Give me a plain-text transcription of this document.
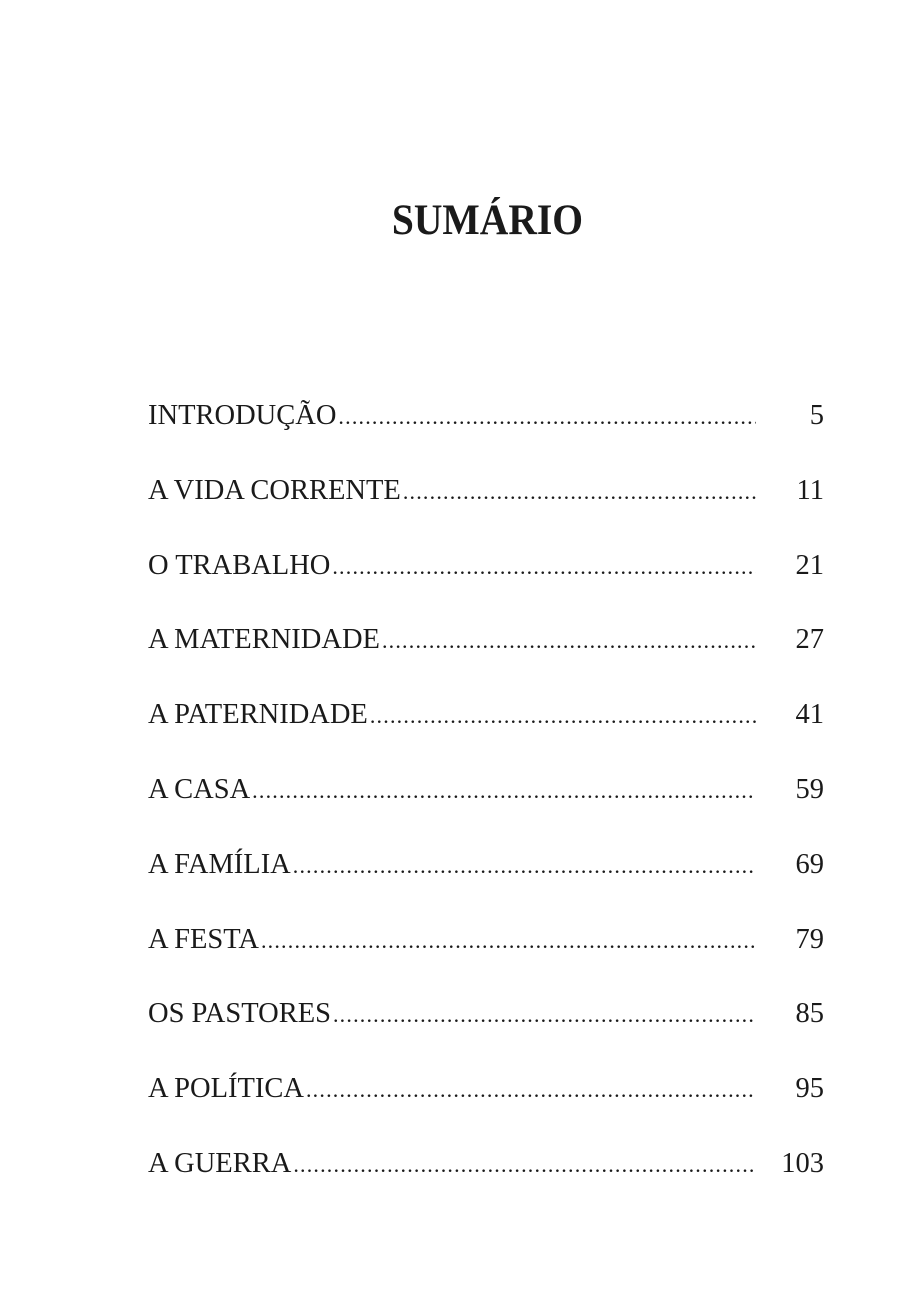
SUMÁRIO
INTRODUÇÃO .....	5
A VIDA CORRENTE .....	11
O TRABALHO .....	21
A MATERNIDADE .....	27
A PATERNIDADE .....	41
A CASA .....	59
A FAMÍLIA .....	69
A FESTA .....	79
OS PASTORES .....	85
A POLÍTICA .....	95
A GUERRA .....	103
